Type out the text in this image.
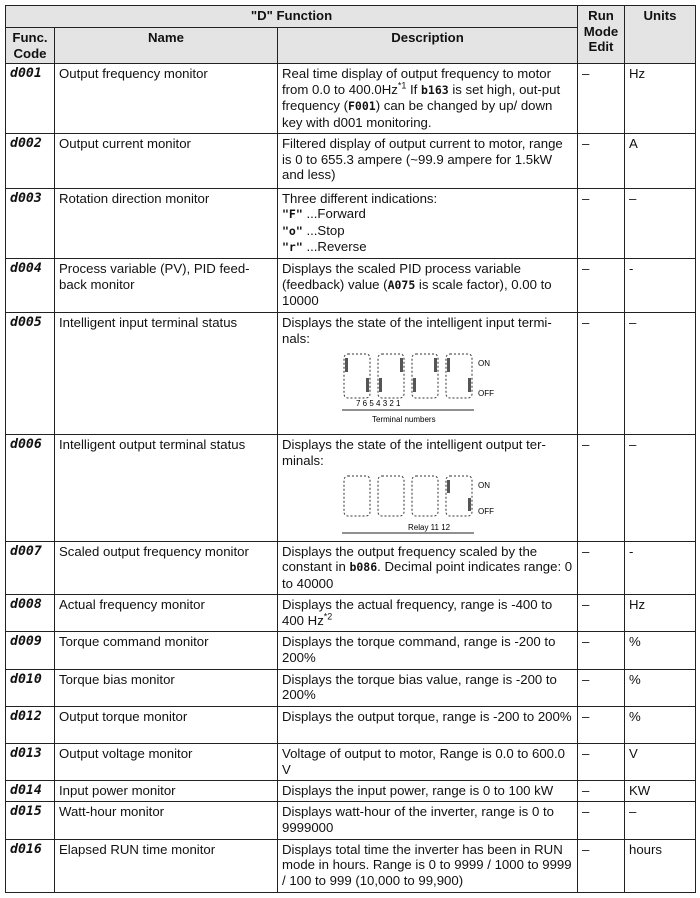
"D" Function			Run Mode Edit	Units
Func. Code	Name	Description		
d001	Output frequency monitor	Real time display of output frequency to motor from 0.0 to 400.0Hz$^{*1}$ If b163 is set high, out-put frequency (F001) can be changed by up/ down key with d001 monitoring.	–	Hz
d002	Output current monitor	Filtered display of output current to motor, range is 0 to 655.3 ampere (~99.9 ampere for 1.5kW and less)	–	A
d003	Rotation direction monitor	Three different indications:
"F" ...Forward
"o" ...Stop
"r" ...Reverse	–	–
d004	Process variable (PV), PID feed-back monitor	Displays the scaled PID process variable (feedback) value (A075 is scale factor), 0.00 to 10000	–	-
d005	Intelligent input terminal status	Displays the state of the intelligent input termi-nals:
ON
OFF
7 6 5 4 3 2 1
Terminal numbers	–	–
d006	Intelligent output terminal status	Displays the state of the intelligent output ter-minals:
ON
OFF
Relay 11 12	–	–
d007	Scaled output frequency monitor	Displays the output frequency scaled by the constant in b086. Decimal point indicates range: 0 to 40000	–	-
d008	Actual frequency monitor	Displays the actual frequency, range is -400 to 400 Hz$^{*2}$	–	Hz
d009	Torque command monitor	Displays the torque command, range is -200 to 200%	–	%
d010	Torque bias monitor	Displays the torque bias value, range is -200 to 200%	–	%
d012	Output torque monitor	Displays the output torque, range is -200 to 200%	–	%
d013	Output voltage monitor	Voltage of output to motor, Range is 0.0 to 600.0 V	–	V
d014	Input power monitor	Displays the input power, range is 0 to 100 kW	–	KW
d015	Watt-hour monitor	Displays watt-hour of the inverter, range is 0 to 9999000	–	–
d016	Elapsed RUN time monitor	Displays total time the inverter has been in RUN mode in hours. Range is 0 to 9999 / 1000 to 9999 / 100 to 999 (10,000 to 99,900)	–	hours
